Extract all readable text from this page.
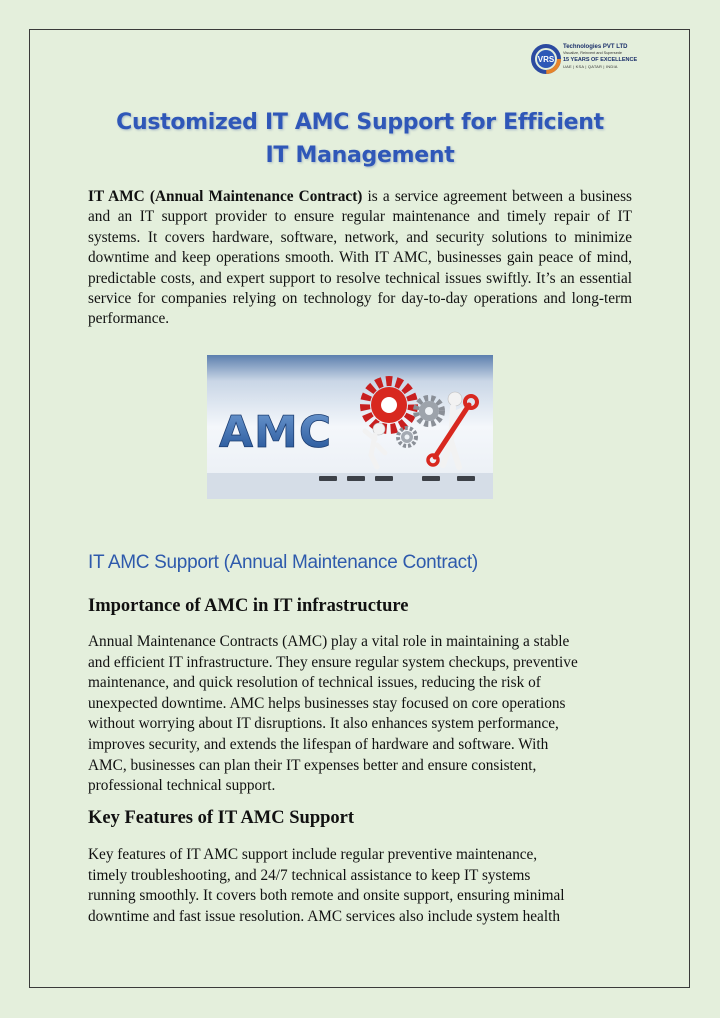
VRS
Technologies PVT LTD
Visualize, Reinvent and Supersede
15 YEARS OF EXCELLENCE
UAE | KSA | QATAR | INDIA
Customized IT AMC Support for Efficient
IT Management

IT AMC (Annual Maintenance Contract) is a service agreement between a business and an IT support provider to ensure regular maintenance and timely repair of IT systems. It covers hardware, software, network, and security solutions to minimize downtime and keep operations smooth. With IT AMC, businesses gain peace of mind, predictable costs, and expert support to resolve technical issues swiftly. It’s an essential service for companies relying on technology for day-to-day operations and long-term performance.

AMC
IT AMC Support (Annual Maintenance Contract)
Importance of AMC in IT infrastructure

Annual Maintenance Contracts (AMC) play a vital role in maintaining a stable
and efficient IT infrastructure. They ensure regular system checkups, preventive
maintenance, and quick resolution of technical issues, reducing the risk of
unexpected downtime. AMC helps businesses stay focused on core operations
without worrying about IT disruptions. It also enhances system performance,
improves security, and extends the lifespan of hardware and software. With
AMC, businesses can plan their IT expenses better and ensure consistent,
professional technical support.

Key Features of IT AMC Support

Key features of IT AMC support include regular preventive maintenance,
timely troubleshooting, and 24/7 technical assistance to keep IT systems
running smoothly. It covers both remote and onsite support, ensuring minimal
downtime and fast issue resolution. AMC services also include system health
